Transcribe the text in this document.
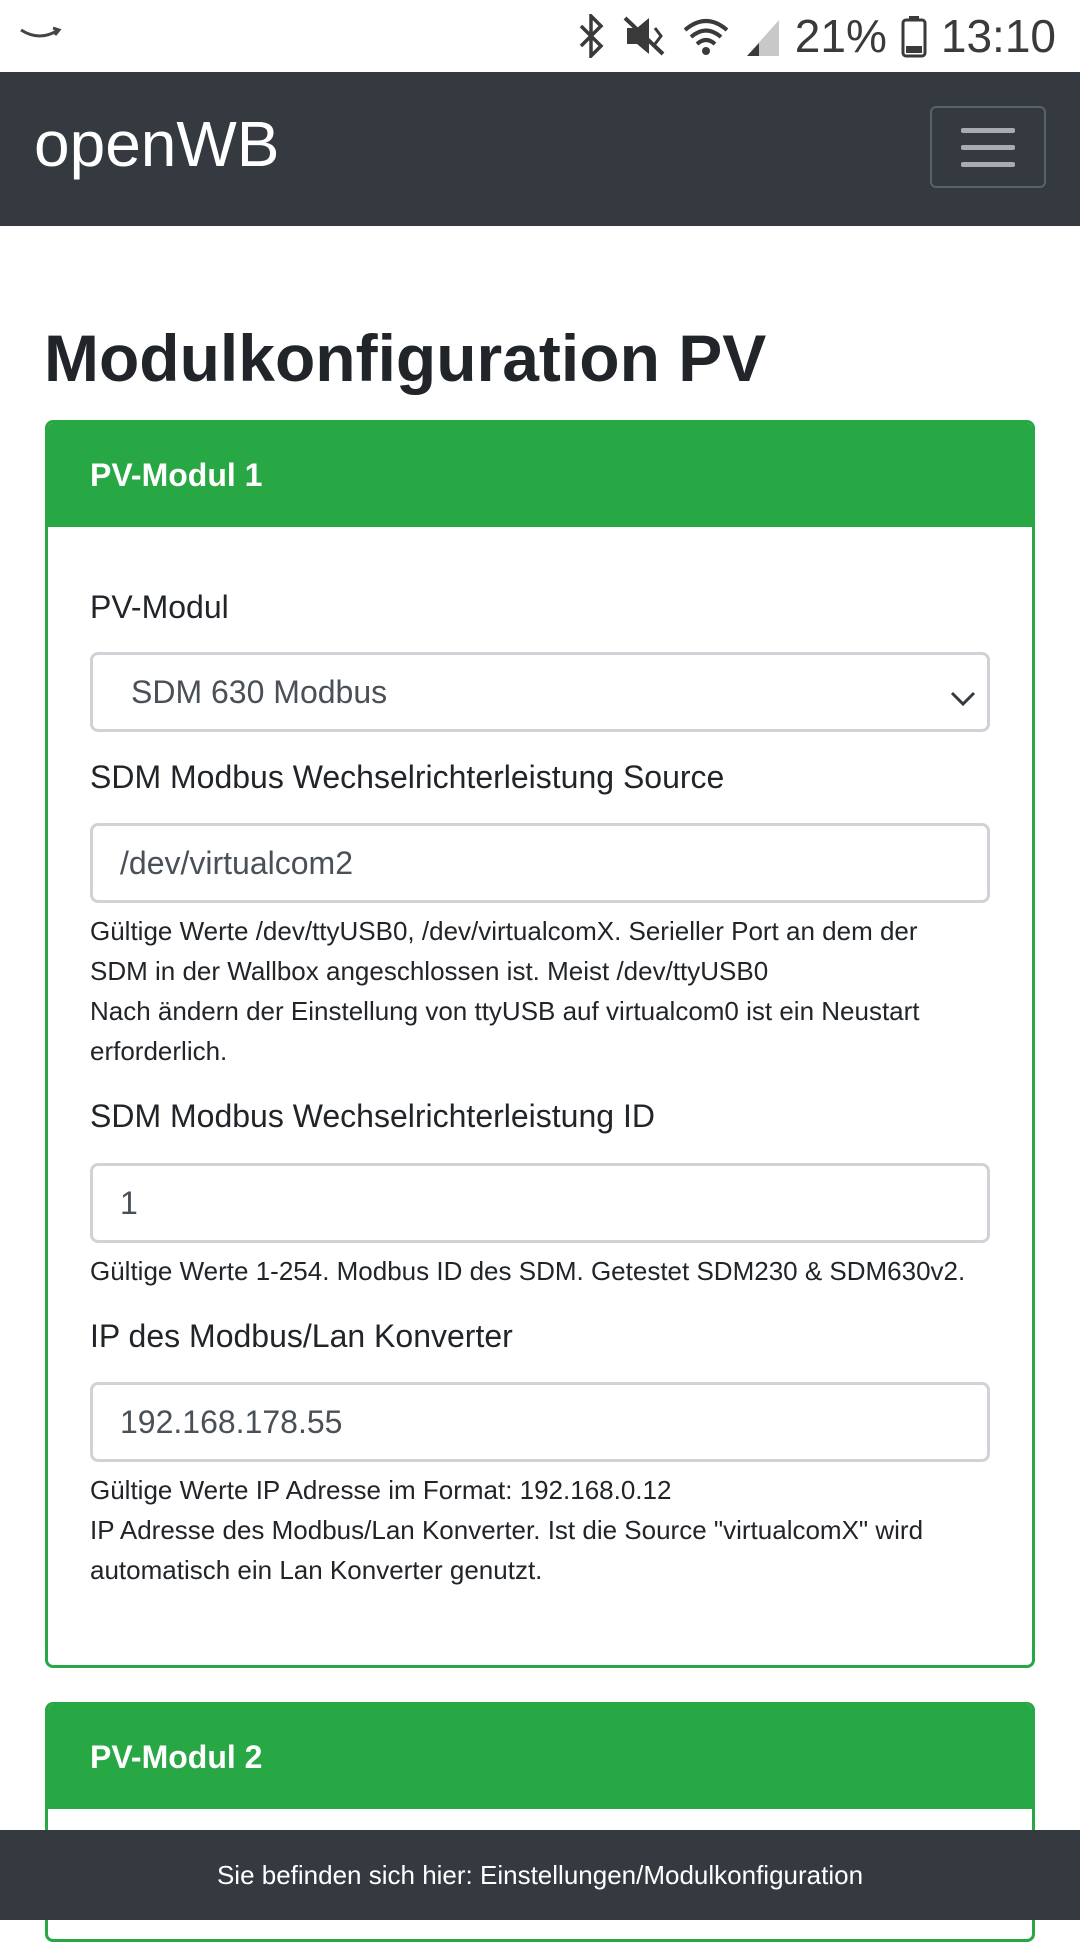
21% 13:10
openWB
Modulkonfiguration PV
PV-Modul 1
PV-Modul
SDM 630 Modbus
SDM Modbus Wechselrichterleistung Source
/dev/virtualcom2
Gültige Werte /dev/ttyUSB0, /dev/virtualcomX. Serieller Port an dem der
SDM in der Wallbox angeschlossen ist. Meist /dev/ttyUSB0
Nach ändern der Einstellung von ttyUSB auf virtualcom0 ist ein Neustart
erforderlich.
SDM Modbus Wechselrichterleistung ID
1
Gültige Werte 1-254. Modbus ID des SDM. Getestet SDM230 & SDM630v2.
IP des Modbus/Lan Konverter
192.168.178.55
Gültige Werte IP Adresse im Format: 192.168.0.12
IP Adresse des Modbus/Lan Konverter. Ist die Source "virtualcomX" wird
automatisch ein Lan Konverter genutzt.
PV-Modul 2
Sie befinden sich hier: Einstellungen/Modulkonfiguration
